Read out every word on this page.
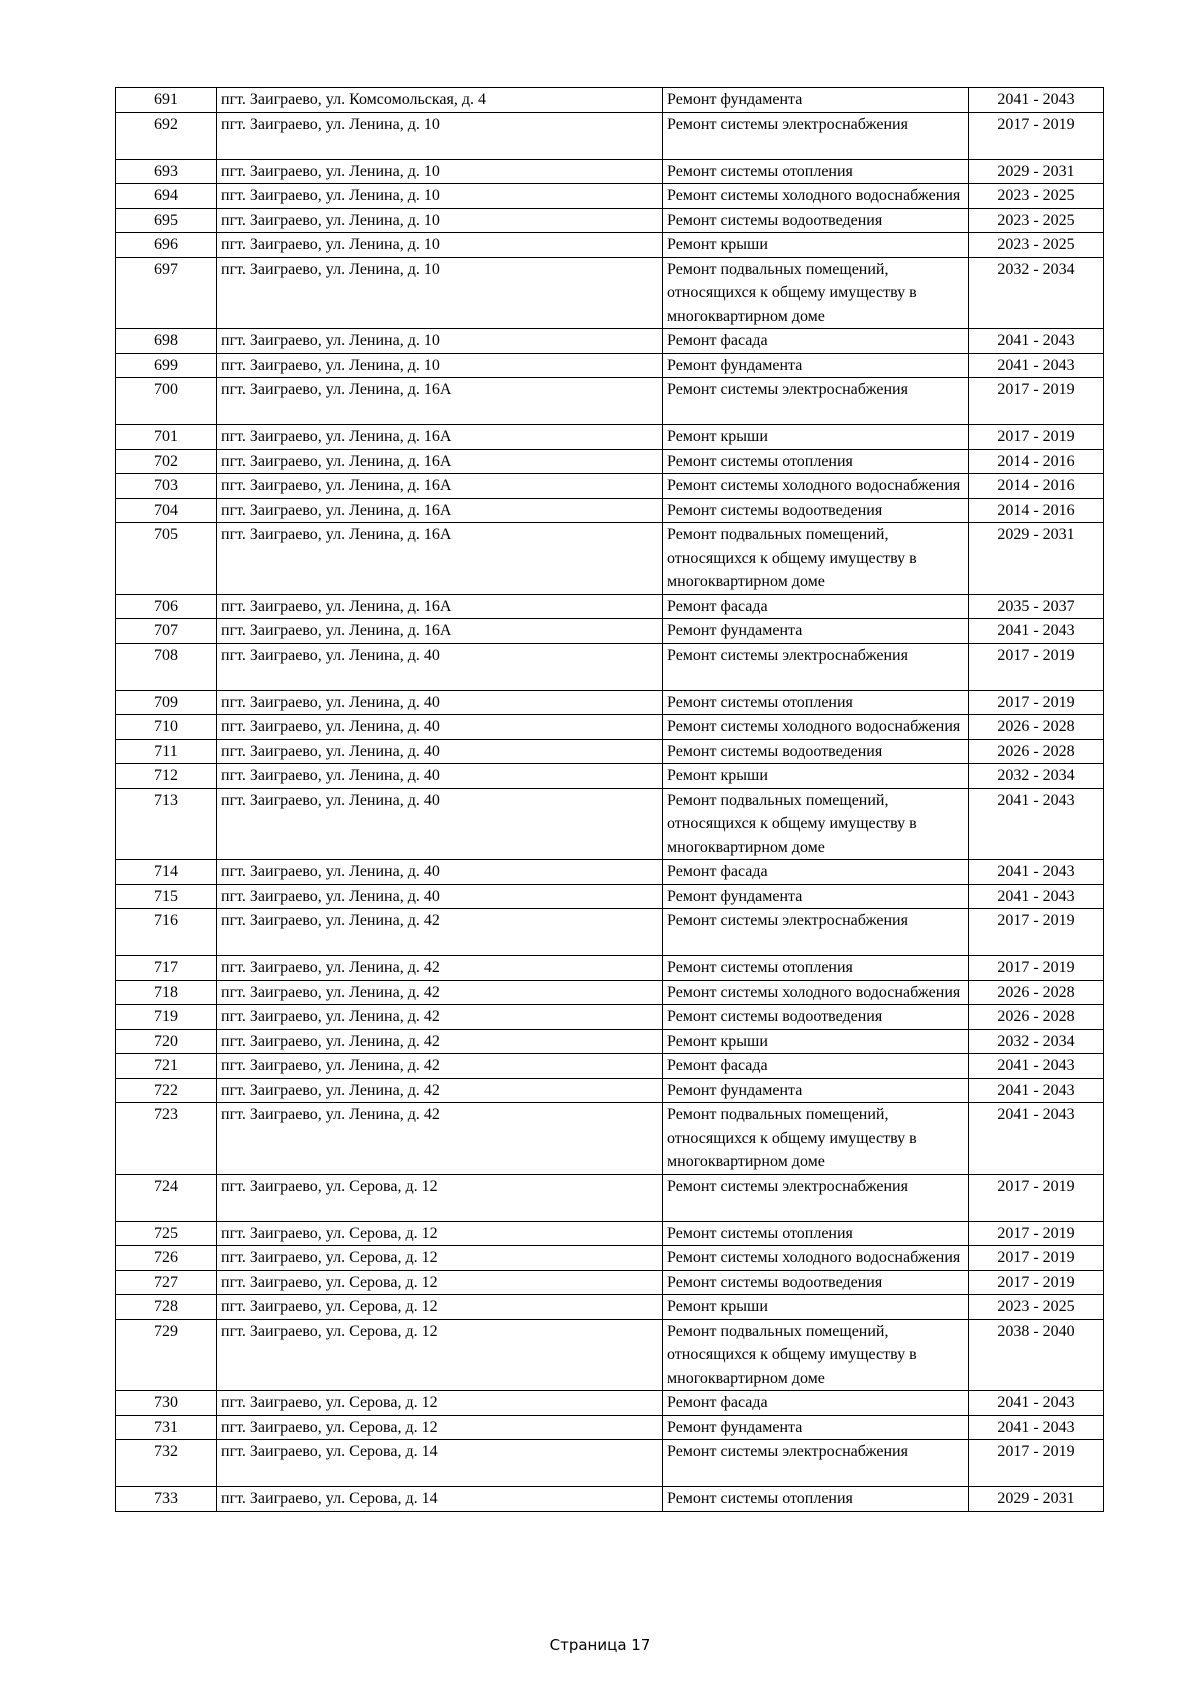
691	пгт. Заиграево, ул. Комсомольская, д. 4	Ремонт фундамента	2041 - 2043
692	пгт. Заиграево, ул. Ленина, д. 10	Ремонт системы электроснабжения	2017 - 2019
693	пгт. Заиграево, ул. Ленина, д. 10	Ремонт системы отопления	2029 - 2031
694	пгт. Заиграево, ул. Ленина, д. 10	Ремонт системы холодного водоснабжения	2023 - 2025
695	пгт. Заиграево, ул. Ленина, д. 10	Ремонт системы водоотведения	2023 - 2025
696	пгт. Заиграево, ул. Ленина, д. 10	Ремонт крыши	2023 - 2025
697	пгт. Заиграево, ул. Ленина, д. 10	Ремонт подвальных помещений, относящихся к общему имуществу в многоквартирном доме	2032 - 2034
698	пгт. Заиграево, ул. Ленина, д. 10	Ремонт фасада	2041 - 2043
699	пгт. Заиграево, ул. Ленина, д. 10	Ремонт фундамента	2041 - 2043
700	пгт. Заиграево, ул. Ленина, д. 16А	Ремонт системы электроснабжения	2017 - 2019
701	пгт. Заиграево, ул. Ленина, д. 16А	Ремонт крыши	2017 - 2019
702	пгт. Заиграево, ул. Ленина, д. 16А	Ремонт системы отопления	2014 - 2016
703	пгт. Заиграево, ул. Ленина, д. 16А	Ремонт системы холодного водоснабжения	2014 - 2016
704	пгт. Заиграево, ул. Ленина, д. 16А	Ремонт системы водоотведения	2014 - 2016
705	пгт. Заиграево, ул. Ленина, д. 16А	Ремонт подвальных помещений, относящихся к общему имуществу в многоквартирном доме	2029 - 2031
706	пгт. Заиграево, ул. Ленина, д. 16А	Ремонт фасада	2035 - 2037
707	пгт. Заиграево, ул. Ленина, д. 16А	Ремонт фундамента	2041 - 2043
708	пгт. Заиграево, ул. Ленина, д. 40	Ремонт системы электроснабжения	2017 - 2019
709	пгт. Заиграево, ул. Ленина, д. 40	Ремонт системы отопления	2017 - 2019
710	пгт. Заиграево, ул. Ленина, д. 40	Ремонт системы холодного водоснабжения	2026 - 2028
711	пгт. Заиграево, ул. Ленина, д. 40	Ремонт системы водоотведения	2026 - 2028
712	пгт. Заиграево, ул. Ленина, д. 40	Ремонт крыши	2032 - 2034
713	пгт. Заиграево, ул. Ленина, д. 40	Ремонт подвальных помещений, относящихся к общему имуществу в многоквартирном доме	2041 - 2043
714	пгт. Заиграево, ул. Ленина, д. 40	Ремонт фасада	2041 - 2043
715	пгт. Заиграево, ул. Ленина, д. 40	Ремонт фундамента	2041 - 2043
716	пгт. Заиграево, ул. Ленина, д. 42	Ремонт системы электроснабжения	2017 - 2019
717	пгт. Заиграево, ул. Ленина, д. 42	Ремонт системы отопления	2017 - 2019
718	пгт. Заиграево, ул. Ленина, д. 42	Ремонт системы холодного водоснабжения	2026 - 2028
719	пгт. Заиграево, ул. Ленина, д. 42	Ремонт системы водоотведения	2026 - 2028
720	пгт. Заиграево, ул. Ленина, д. 42	Ремонт крыши	2032 - 2034
721	пгт. Заиграево, ул. Ленина, д. 42	Ремонт фасада	2041 - 2043
722	пгт. Заиграево, ул. Ленина, д. 42	Ремонт фундамента	2041 - 2043
723	пгт. Заиграево, ул. Ленина, д. 42	Ремонт подвальных помещений, относящихся к общему имуществу в многоквартирном доме	2041 - 2043
724	пгт. Заиграево, ул. Серова, д. 12	Ремонт системы электроснабжения	2017 - 2019
725	пгт. Заиграево, ул. Серова, д. 12	Ремонт системы отопления	2017 - 2019
726	пгт. Заиграево, ул. Серова, д. 12	Ремонт системы холодного водоснабжения	2017 - 2019
727	пгт. Заиграево, ул. Серова, д. 12	Ремонт системы водоотведения	2017 - 2019
728	пгт. Заиграево, ул. Серова, д. 12	Ремонт крыши	2023 - 2025
729	пгт. Заиграево, ул. Серова, д. 12	Ремонт подвальных помещений, относящихся к общему имуществу в многоквартирном доме	2038 - 2040
730	пгт. Заиграево, ул. Серова, д. 12	Ремонт фасада	2041 - 2043
731	пгт. Заиграево, ул. Серова, д. 12	Ремонт фундамента	2041 - 2043
732	пгт. Заиграево, ул. Серова, д. 14	Ремонт системы электроснабжения	2017 - 2019
733	пгт. Заиграево, ул. Серова, д. 14	Ремонт системы отопления	2029 - 2031
Страница 17
